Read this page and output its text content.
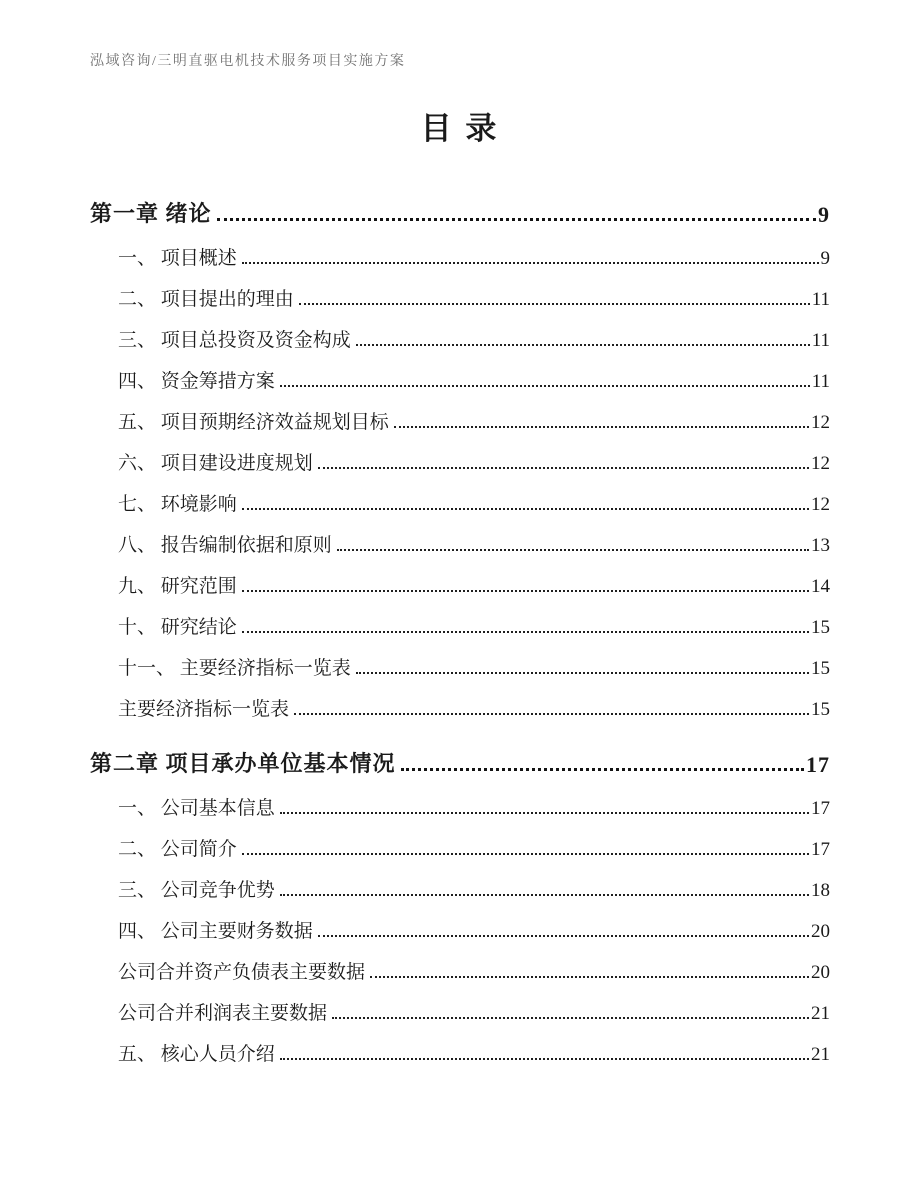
泓域咨询/三明直驱电机技术服务项目实施方案
目 录
第一章 绪论	9
一、 项目概述	9
二、 项目提出的理由	11
三、 项目总投资及资金构成	11
四、 资金筹措方案	11
五、 项目预期经济效益规划目标	12
六、 项目建设进度规划	12
七、 环境影响	12
八、 报告编制依据和原则	13
九、 研究范围	14
十、 研究结论	15
十一、 主要经济指标一览表	15
主要经济指标一览表	15
第二章 项目承办单位基本情况	17
一、 公司基本信息	17
二、 公司简介	17
三、 公司竞争优势	18
四、 公司主要财务数据	20
公司合并资产负债表主要数据	20
公司合并利润表主要数据	21
五、 核心人员介绍	21
